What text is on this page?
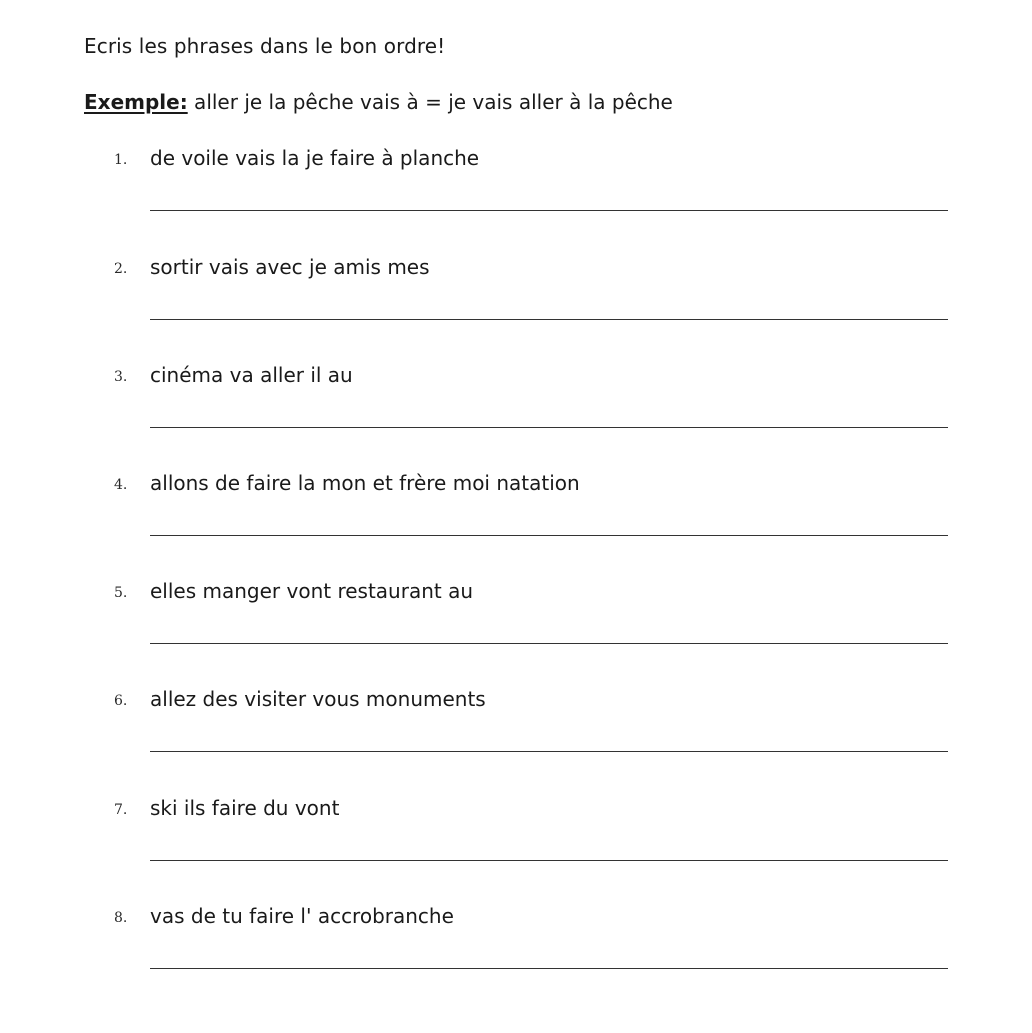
Ecris les phrases dans le bon ordre!
Exemple: aller je la pêche vais à = je vais aller à la pêche
1. de voile vais la je faire à planche
2. sortir vais avec je amis mes
3. cinéma va aller il au
4. allons de faire la mon et frère moi natation
5. elles manger vont restaurant au
6. allez des visiter vous monuments
7. ski ils faire du vont
8. vas de tu faire l' accrobranche
